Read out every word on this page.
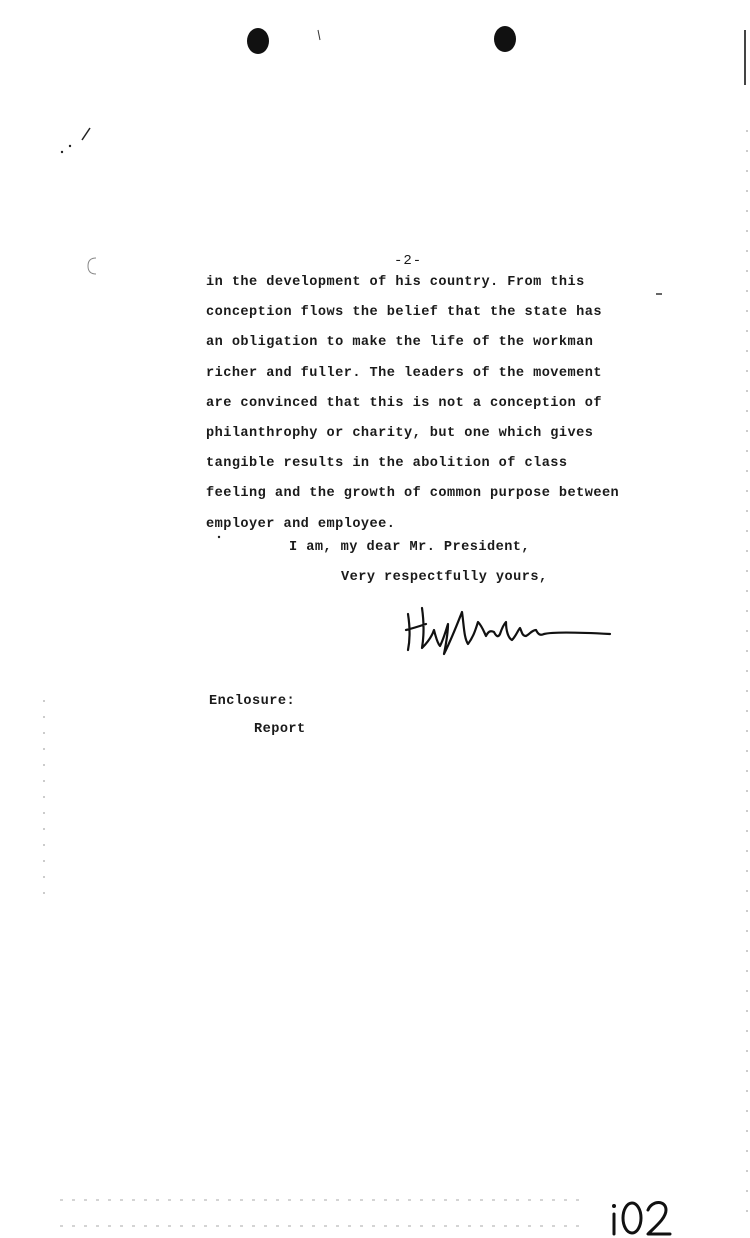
-2-
in the development of his country. From this
conception flows the belief that the state has
an obligation to make the life of the workman
richer and fuller. The leaders of the movement
are convinced that this is not a conception of
philanthrophy or charity, but one which gives
tangible results in the abolition of class
feeling and the growth of common purpose between
employer and employee.
I am, my dear Mr. President,
Very respectfully yours,
Enclosure:
Report
